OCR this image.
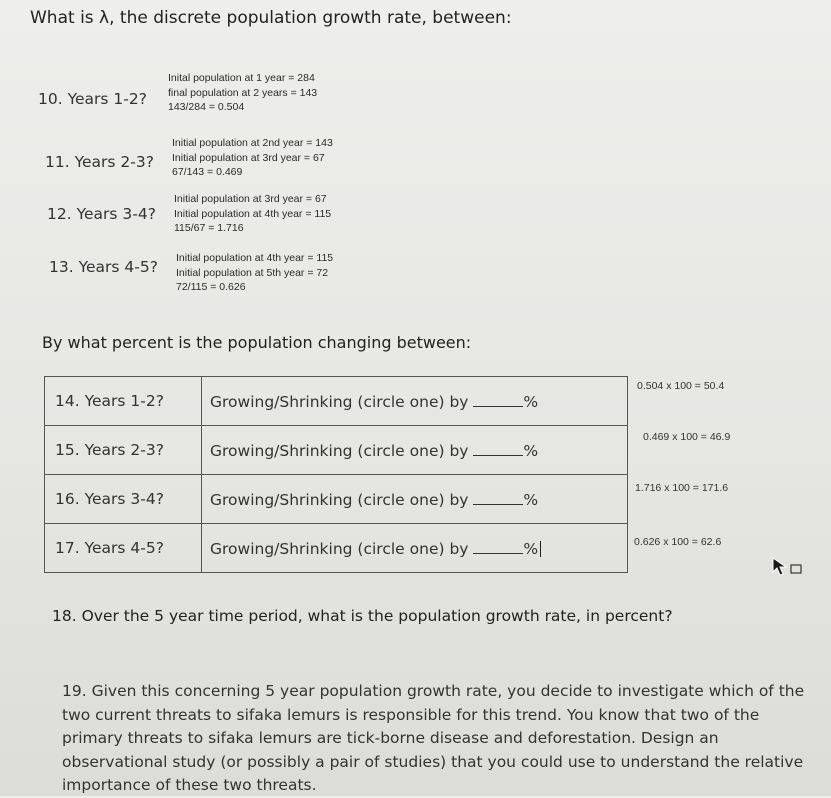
What is λ, the discrete population growth rate, between:
10. Years 1-2?
Inital population at 1 year = 284
final population at 2 years = 143
143/284 = 0.504
11. Years 2-3?
Initial population at 2nd year = 143
Initial population at 3rd year = 67
67/143 = 0.469
12. Years 3-4?
Initial population at 3rd year = 67
Initial population at 4th year = 115
115/67 = 1.716
13. Years 4-5? Initial population at 4th year = 115
Initial population at 5th year = 72
72/115 = 0.626
By what percent is the population changing between:
14. Years 1-2?	Growing/Shrinking (circle one) by %
15. Years 2-3?	Growing/Shrinking (circle one) by %
16. Years 3-4?	Growing/Shrinking (circle one) by %
17. Years 4-5?	Growing/Shrinking (circle one) by %
0.504 x 100 = 50.4
0.469 x 100 = 46.9
1.716 x 100 = 171.6
0.626 x 100 = 62.6
18. Over the 5 year time period, what is the population growth rate, in percent?
19. Given this concerning 5 year population growth rate, you decide to investigate which of the two current threats to sifaka lemurs is responsible for this trend. You know that two of the primary threats to sifaka lemurs are tick-borne disease and deforestation. Design an observational study (or possibly a pair of studies) that you could use to understand the relative importance of these two threats.
